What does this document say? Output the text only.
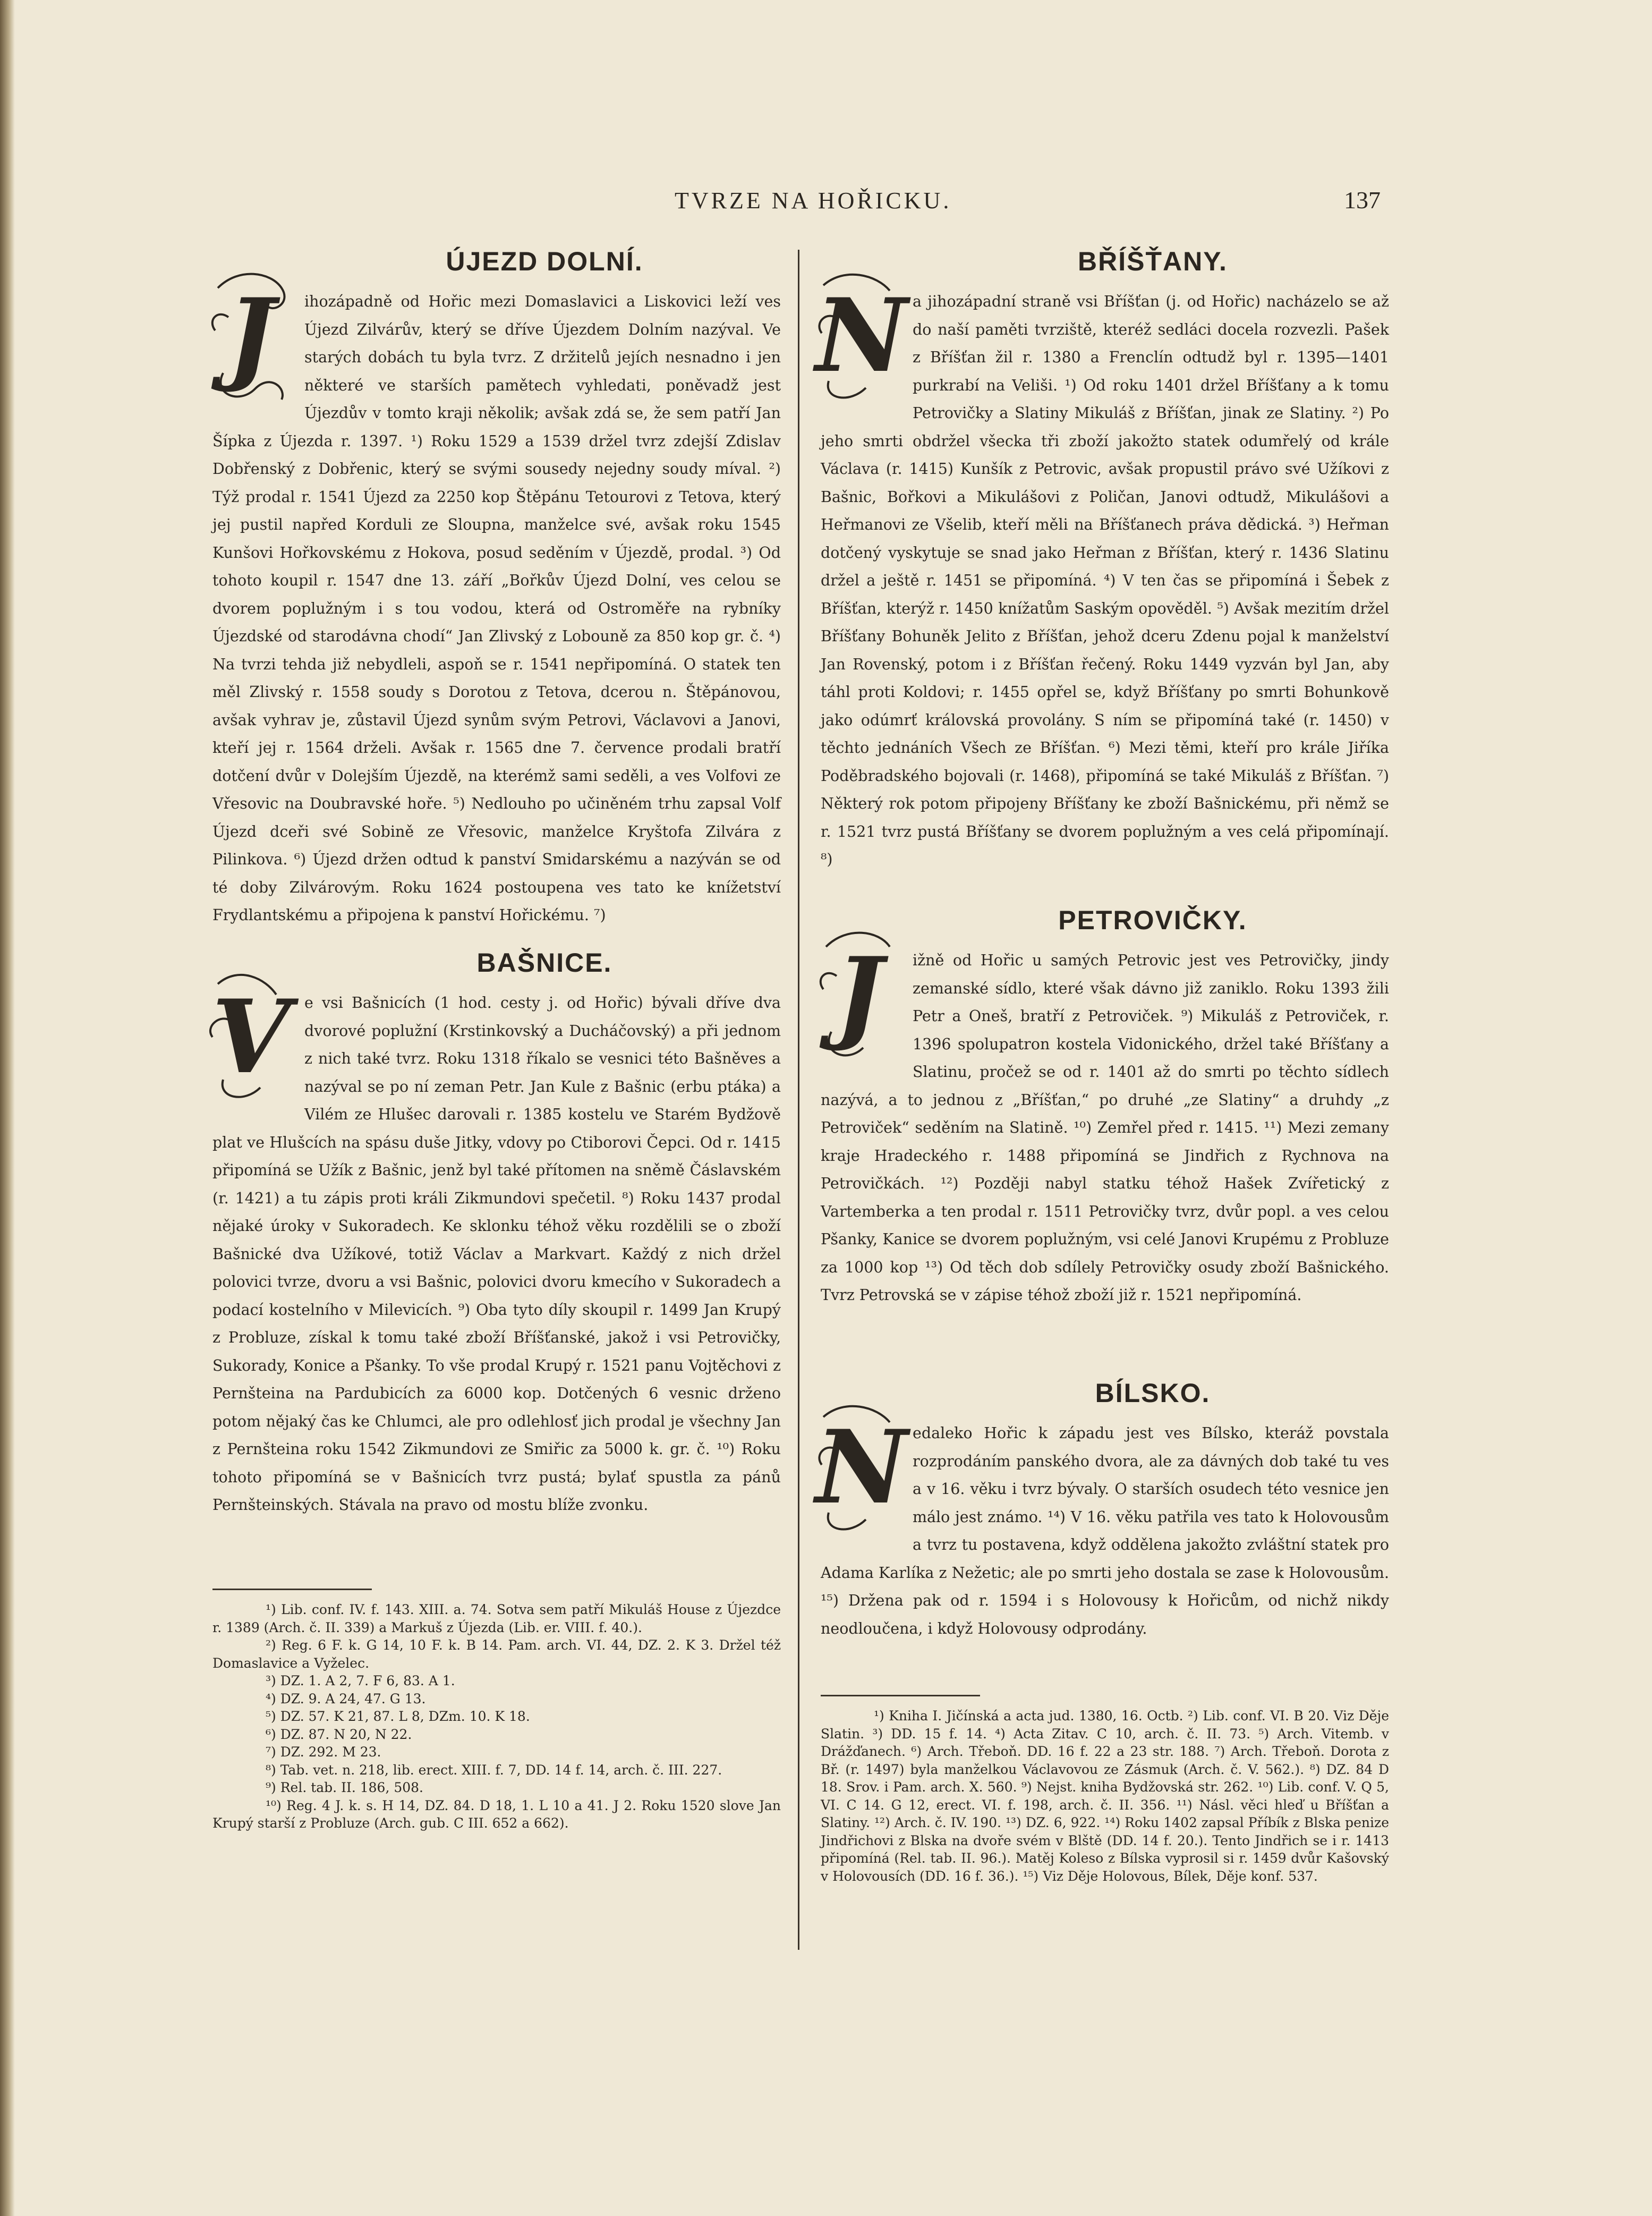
TVRZE NA HOŘICKU.	137
ÚJEZD DOLNÍ.
J	ihozápadně od Hořic mezi Domaslavici a Liskovici leží ves Újezd Zilvárův, který se dříve Újezdem Dolním nazýval. Ve starých dobách tu byla tvrz. Z držitelů jejích nesnadno i jen některé ve starších pamětech vyhledati, poněvadž jest Újezdův v tomto kraji několik; avšak zdá se, že sem patří Jan Šípka z Újezda r. 1397. ¹) Roku 1529 a 1539 držel tvrz zdejší Zdislav Dobřenský z Dobřenic, který se svými sousedy nejedny soudy míval. ²) Týž prodal r. 1541 Újezd za 2250 kop Štěpánu Tetourovi z Tetova, který jej pustil napřed Korduli ze Sloupna, manželce své, avšak roku 1545 Kunšovi Hořkovskému z Hokova, posud seděním v Újezdě, prodal. ³) Od tohoto koupil r. 1547 dne 13. září „Bořkův Újezd Dolní, ves celou se dvorem poplužným i s tou vodou, která od Ostroměře na rybníky Újezdské od starodávna chodí“ Jan Zlivský z Lobouně za 850 kop gr. č. ⁴) Na tvrzi tehda již nebydleli, aspoň se r. 1541 nepřipomíná. O statek ten měl Zlivský r. 1558 soudy s Dorotou z Tetova, dcerou n. Štěpánovou, avšak vyhrav je, zůstavil Újezd synům svým Petrovi, Václavovi a Janovi, kteří jej r. 1564 drželi. Avšak r. 1565 dne 7. července prodali bratří dotčení dvůr v Dolejším Újezdě, na kterémž sami seděli, a ves Volfovi ze Vřesovic na Doubravské hoře. ⁵) Nedlouho po učiněném trhu zapsal Volf Újezd dceři své Sobině ze Vřesovic, manželce Kryštofa Zilvára z Pilinkova. ⁶) Újezd držen odtud k panství Smidarskému a nazýván se od té doby Zilvárovým. Roku 1624 postoupena ves tato ke knížetství Frydlantskému a připojena k panství Hořickému. ⁷)

BAŠNICE.
V e vsi Bašnicích (1 hod. cesty j. od Hořic) bývali dříve dva dvorové poplužní (Krstinkovský a Ducháčovský) a při jednom z nich také tvrz. Roku 1318 říkalo se vesnici této Bašněves a nazýval se po ní zeman Petr. Jan Kule z Bašnic (erbu ptáka) a Vilém ze Hlušec darovali r. 1385 kostelu ve Starém Bydžově plat ve Hlušcích na spásu duše Jitky, vdovy po Ctiborovi Čepci. Od r. 1415 připomíná se Užík z Bašnic, jenž byl také přítomen na sněmě Čáslavském (r. 1421) a tu zápis proti králi Zikmundovi spečetil. ⁸) Roku 1437 prodal nějaké úroky v Sukoradech. Ke sklonku téhož věku rozdělili se o zboží Bašnické dva Užíkové, totiž Václav a Markvart. Každý z nich držel polovici tvrze, dvoru a vsi Bašnic, polovici dvoru kmecího v Sukoradech a podací kostelního v Milevicích. ⁹) Oba tyto díly skoupil r. 1499 Jan Krupý z Probluze, získal k tomu také zboží Bříšťanské, jakož i vsi Petrovičky, Sukorady, Konice a Pšanky. To vše prodal Krupý r. 1521 panu Vojtěchovi z Pernšteina na Pardubicích za 6000 kop. Dotčených 6 vesnic drženo potom nějaký čas ke Chlumci, ale pro odlehlosť jich prodal je všechny Jan z Pernšteina roku 1542 Zikmundovi ze Smiřic za 5000 k. gr. č. ¹⁰) Roku tohoto připomíná se v Bašnicích tvrz pustá; bylať spustla za pánů Pernšteinských. Stávala na pravo od mostu blíže zvonku.

¹) Lib. conf. IV. f. 143. XIII. a. 74. Sotva sem patří Mikuláš House z Újezdce r. 1389 (Arch. č. II. 339) a Markuš z Újezda (Lib. er. VIII. f. 40.).

²) Reg. 6 F. k. G 14, 10 F. k. B 14. Pam. arch. VI. 44, DZ. 2. K 3. Držel též Domaslavice a Vyželec.

³) DZ. 1. A 2, 7. F 6, 83. A 1.

⁴) DZ. 9. A 24, 47. G 13.

⁵) DZ. 57. K 21, 87. L 8, DZm. 10. K 18.

⁶) DZ. 87. N 20, N 22.

⁷) DZ. 292. M 23.

⁸) Tab. vet. n. 218, lib. erect. XIII. f. 7, DD. 14 f. 14, arch. č. III. 227.

⁹) Rel. tab. II. 186, 508.

¹⁰) Reg. 4 J. k. s. H 14, DZ. 84. D 18, 1. L 10 a 41. J 2. Roku 1520 slove Jan Krupý starší z Probluze (Arch. gub. C III. 652 a 662).

BŘÍŠŤANY.
N a jihozápadní straně vsi Bříšťan (j. od Hořic) nacházelo se až do naší paměti tvrziště, kteréž sedláci docela rozvezli. Pašek z Bříšťan žil r. 1380 a Frenclín odtudž byl r. 1395—1401 purkrabí na Veliši. ¹) Od roku 1401 držel Bříšťany a k tomu Petrovičky a Slatiny Mikuláš z Bříšťan, jinak ze Slatiny. ²) Po jeho smrti obdržel všecka tři zboží jakožto statek odumřelý od krále Václava (r. 1415) Kunšík z Petrovic, avšak propustil právo své Užíkovi z Bašnic, Bořkovi a Mikulášovi z Poličan, Janovi odtudž, Mikulášovi a Heřmanovi ze Všelib, kteří měli na Bříšťanech práva dědická. ³) Heřman dotčený vyskytuje se snad jako Heřman z Bříšťan, který r. 1436 Slatinu držel a ještě r. 1451 se připomíná. ⁴) V ten čas se připomíná i Šebek z Bříšťan, kterýž r. 1450 knížatům Saským opověděl. ⁵) Avšak mezitím držel Bříšťany Bohuněk Jelito z Bříšťan, jehož dceru Zdenu pojal k manželství Jan Rovenský, potom i z Bříšťan řečený. Roku 1449 vyzván byl Jan, aby táhl proti Koldovi; r. 1455 opřel se, když Bříšťany po smrti Bohunkově jako odúmrť královská provolány. S ním se připomíná také (r. 1450) v těchto jednáních Všech ze Bříšťan. ⁶) Mezi těmi, kteří pro krále Jiříka Poděbradského bojovali (r. 1468), připomíná se také Mikuláš z Bříšťan. ⁷) Některý rok potom připojeny Bříšťany ke zboží Bašnickému, při němž se r. 1521 tvrz pustá Bříšťany se dvorem poplužným a ves celá připomínají. ⁸)

PETROVIČKY.
J	ižně od Hořic u samých Petrovic jest ves Petrovičky, jindy zemanské sídlo, které však dávno již zaniklo. Roku 1393 žili Petr a Oneš, bratří z Petroviček. ⁹) Mikuláš z Petroviček, r. 1396 spolupatron kostela Vidonického, držel také Bříšťany a Slatinu, pročež se od r. 1401 až do smrti po těchto sídlech nazývá, a to jednou z „Bříšťan,“ po druhé „ze Slatiny“ a druhdy „z Petroviček“ seděním na Slatině. ¹⁰) Zemřel před r. 1415. ¹¹) Mezi zemany kraje Hradeckého r. 1488 připomíná se Jindřich z Rychnova na Petrovičkách. ¹²) Později nabyl statku téhož Hašek Zvířetický z Vartemberka a ten prodal r. 1511 Petrovičky tvrz, dvůr popl. a ves celou Pšanky, Kanice se dvorem poplužným, vsi celé Janovi Krupému z Probluze za 1000 kop ¹³) Od těch dob sdílely Petrovičky osudy zboží Bašnického. Tvrz Petrovská se v zápise téhož zboží již r. 1521 nepřipomíná.

BÍLSKO.
N edaleko Hořic k západu jest ves Bílsko, kteráž povstala rozprodáním panského dvora, ale za dávných dob také tu ves a v 16. věku i tvrz bývaly. O starších osudech této vesnice jen málo jest známo. ¹⁴) V 16. věku patřila ves tato k Holovousům a tvrz tu postavena, když oddělena jakožto zvláštní statek pro Adama Karlíka z Nežetic; ale po smrti jeho dostala se zase k Holovousům. ¹⁵) Držena pak od r. 1594 i s Holovousy k Hořicům, od nichž nikdy neodloučena, i když Holovousy odprodány.

¹) Kniha I. Jičínská a acta jud. 1380, 16. Octb. ²) Lib. conf. VI. B 20. Viz Děje Slatin. ³) DD. 15 f. 14. ⁴) Acta Zitav. C 10, arch. č. II. 73. ⁵) Arch. Vitemb. v Drážďanech. ⁶) Arch. Třeboň. DD. 16 f. 22 a 23 str. 188. ⁷) Arch. Třeboň. Dorota z Bř. (r. 1497) byla manželkou Václavovou ze Zásmuk (Arch. č. V. 562.). ⁸) DZ. 84 D 18. Srov. i Pam. arch. X. 560. ⁹) Nejst. kniha Bydžovská str. 262. ¹⁰) Lib. conf. V. Q 5, VI. C 14. G 12, erect. VI. f. 198, arch. č. II. 356. ¹¹) Násl. věci hleď u Bříšťan a Slatiny. ¹²) Arch. č. IV. 190. ¹³) DZ. 6, 922. ¹⁴) Roku 1402 zapsal Příbík z Blska penize Jindřichovi z Blska na dvoře svém v Blště (DD. 14 f. 20.). Tento Jindřich se i r. 1413 připomíná (Rel. tab. II. 96.). Matěj Koleso z Bílska vyprosil si r. 1459 dvůr Kašovský v Holovousích (DD. 16 f. 36.). ¹⁵) Viz Děje Holovous, Bílek, Děje konf. 537.
